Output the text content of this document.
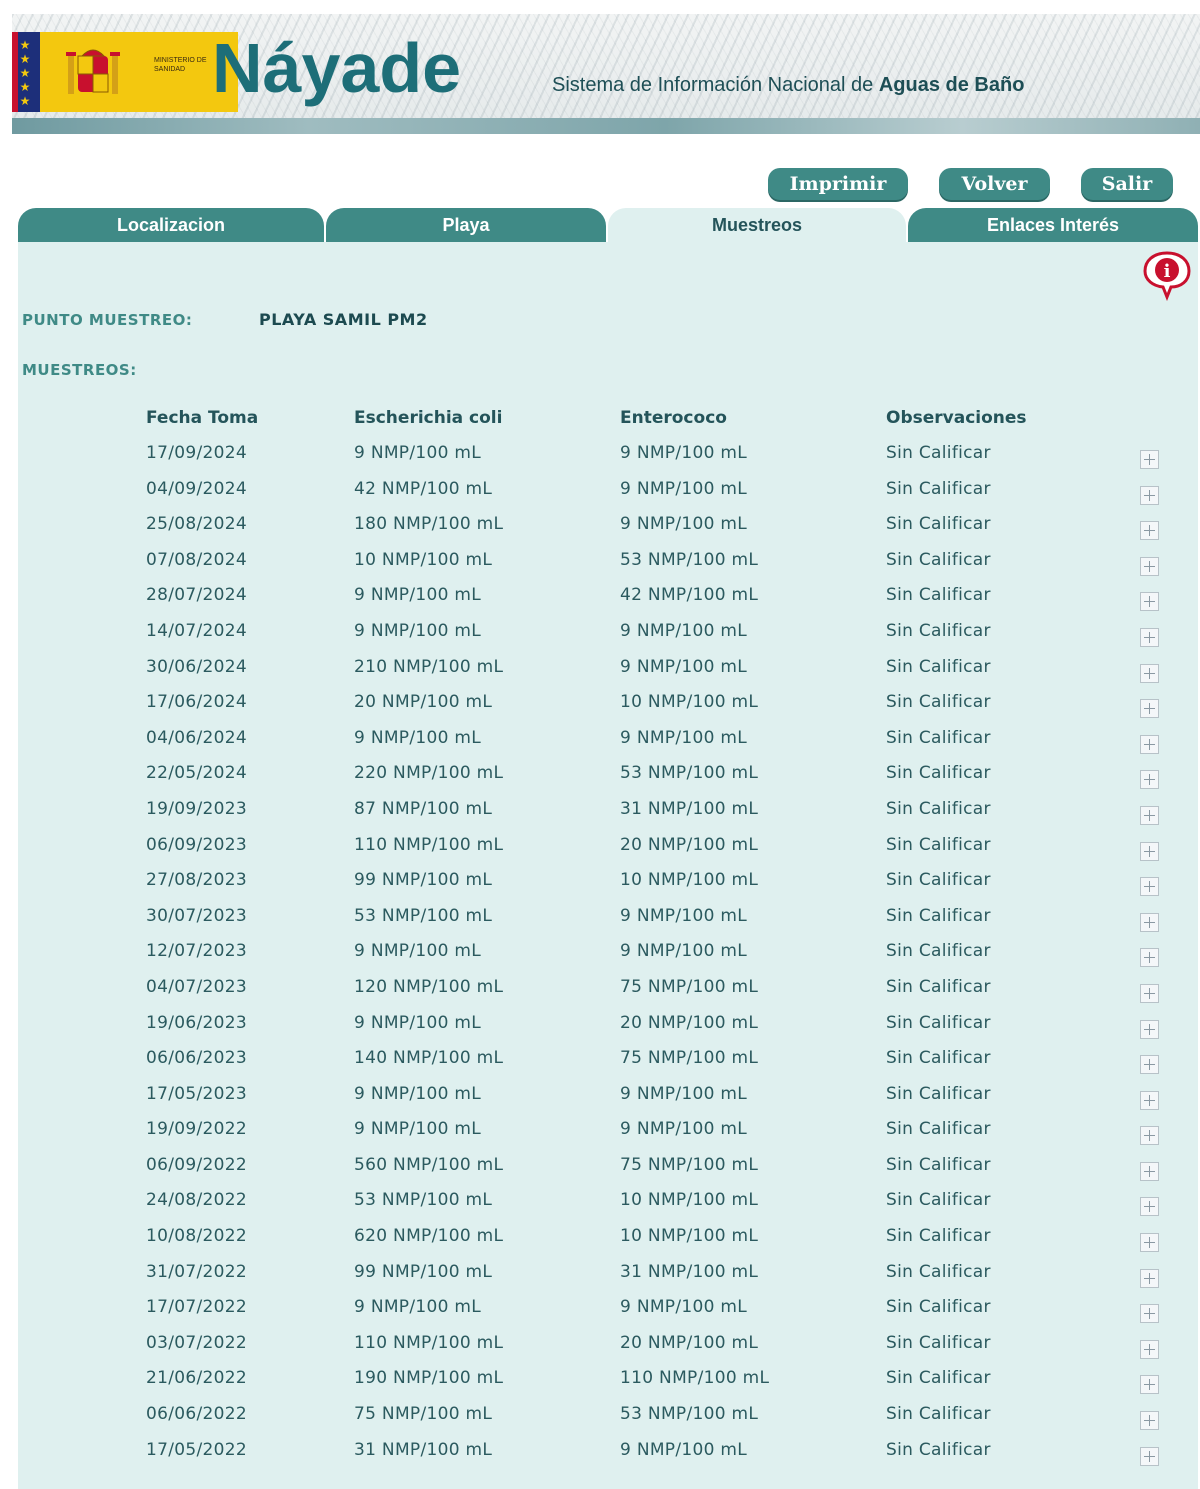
★
★
★
★
★
MINISTERIO DE SANIDAD Náyade	Sistema de Información Nacional de Aguas de Baño
Imprimir	Volver	Salir
Localizacion	Playa	Muestreos	Enlaces Interés
i
PUNTO MUESTREO:	PLAYA SAMIL PM2
MUESTREOS:
Fecha Toma	Escherichia coli	Enterococo	Observaciones
17/09/2024	9 NMP/100 mL	9 NMP/100 mL	Sin Calificar
04/09/2024	42 NMP/100 mL	9 NMP/100 mL	Sin Calificar
25/08/2024	180 NMP/100 mL	9 NMP/100 mL	Sin Calificar
07/08/2024	10 NMP/100 mL	53 NMP/100 mL	Sin Calificar
28/07/2024	9 NMP/100 mL	42 NMP/100 mL	Sin Calificar
14/07/2024	9 NMP/100 mL	9 NMP/100 mL	Sin Calificar
30/06/2024	210 NMP/100 mL	9 NMP/100 mL	Sin Calificar
17/06/2024	20 NMP/100 mL	10 NMP/100 mL	Sin Calificar
04/06/2024	9 NMP/100 mL	9 NMP/100 mL	Sin Calificar
22/05/2024	220 NMP/100 mL	53 NMP/100 mL	Sin Calificar
19/09/2023	87 NMP/100 mL	31 NMP/100 mL	Sin Calificar
06/09/2023	110 NMP/100 mL	20 NMP/100 mL	Sin Calificar
27/08/2023	99 NMP/100 mL	10 NMP/100 mL	Sin Calificar
30/07/2023	53 NMP/100 mL	9 NMP/100 mL	Sin Calificar
12/07/2023	9 NMP/100 mL	9 NMP/100 mL	Sin Calificar
04/07/2023	120 NMP/100 mL	75 NMP/100 mL	Sin Calificar
19/06/2023	9 NMP/100 mL	20 NMP/100 mL	Sin Calificar
06/06/2023	140 NMP/100 mL	75 NMP/100 mL	Sin Calificar
17/05/2023	9 NMP/100 mL	9 NMP/100 mL	Sin Calificar
19/09/2022	9 NMP/100 mL	9 NMP/100 mL	Sin Calificar
06/09/2022	560 NMP/100 mL	75 NMP/100 mL	Sin Calificar
24/08/2022	53 NMP/100 mL	10 NMP/100 mL	Sin Calificar
10/08/2022	620 NMP/100 mL	10 NMP/100 mL	Sin Calificar
31/07/2022	99 NMP/100 mL	31 NMP/100 mL	Sin Calificar
17/07/2022	9 NMP/100 mL	9 NMP/100 mL	Sin Calificar
03/07/2022	110 NMP/100 mL	20 NMP/100 mL	Sin Calificar
21/06/2022	190 NMP/100 mL	110 NMP/100 mL	Sin Calificar
06/06/2022	75 NMP/100 mL	53 NMP/100 mL	Sin Calificar
17/05/2022	31 NMP/100 mL	9 NMP/100 mL	Sin Calificar
